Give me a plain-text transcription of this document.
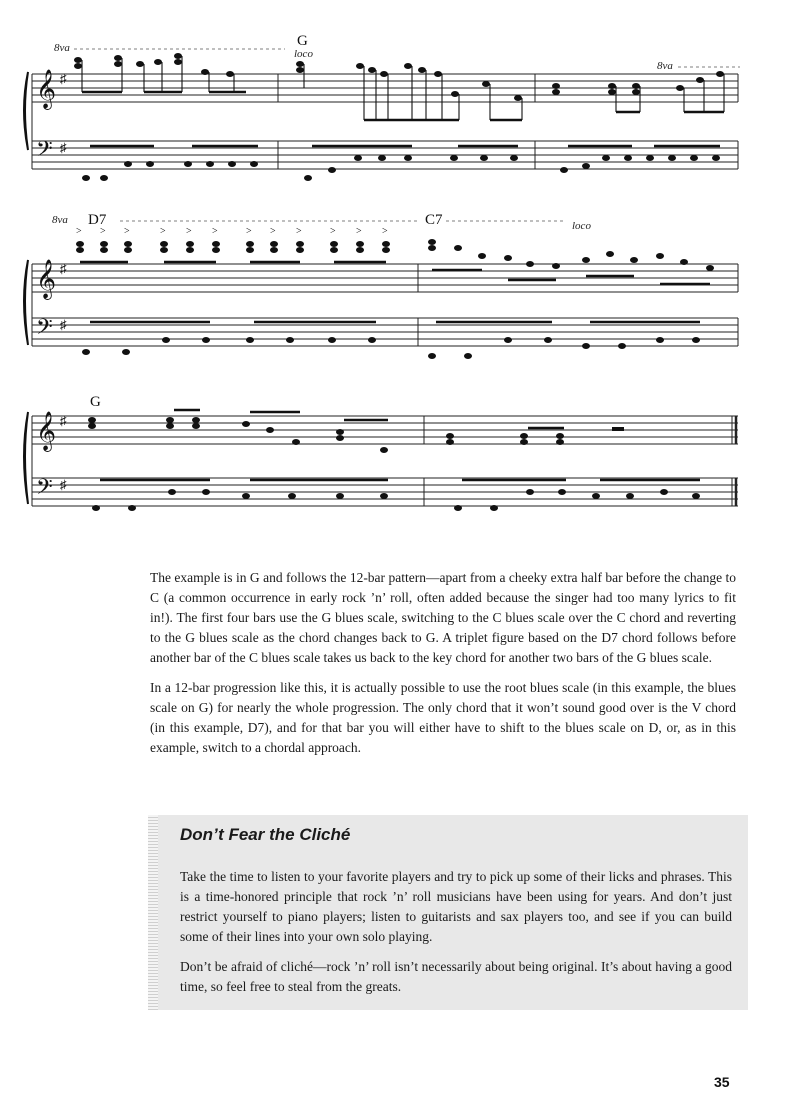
𝄞
𝄢
♯
♯
G
8va	loco
8va
𝄞
𝄢
♯
♯
> > >	> > >	> > >	> > >
D7	C7
8va	loco
𝄞
𝄢
♯
♯
G

The example is in G and follows the 12-bar pattern—apart from a cheeky extra half bar before the change to C (a common occurrence in early rock ’n’ roll, often added because the singer had too many lyrics to fit in!). The first four bars use the G blues scale, switching to the C blues scale over the C chord and reverting to the G blues scale as the chord changes back to G. A triplet figure based on the D7 chord follows before another bar of the C blues scale takes us back to the key chord for another two bars of the G blues scale.

In a 12-bar progression like this, it is actually possible to use the root blues scale (in this example, the blues scale on G) for nearly the whole progression. The only chord that it won’t sound good over is the V chord (in this example, D7), and for that bar you will either have to shift to the blues scale on D, or, as in this example, switch to a chordal approach.

Don’t Fear the Cliché

Take the time to listen to your favorite players and try to pick up some of their licks and phrases. This is a time-honored principle that rock ’n’ roll musicians have been using for years. And don’t just restrict yourself to piano players; listen to guitarists and sax players too, and see if you can build some of their lines into your own solo playing.

Don’t be afraid of cliché—rock ’n’ roll isn’t necessarily about being original. It’s about having a good time, so feel free to steal from the greats.

35
